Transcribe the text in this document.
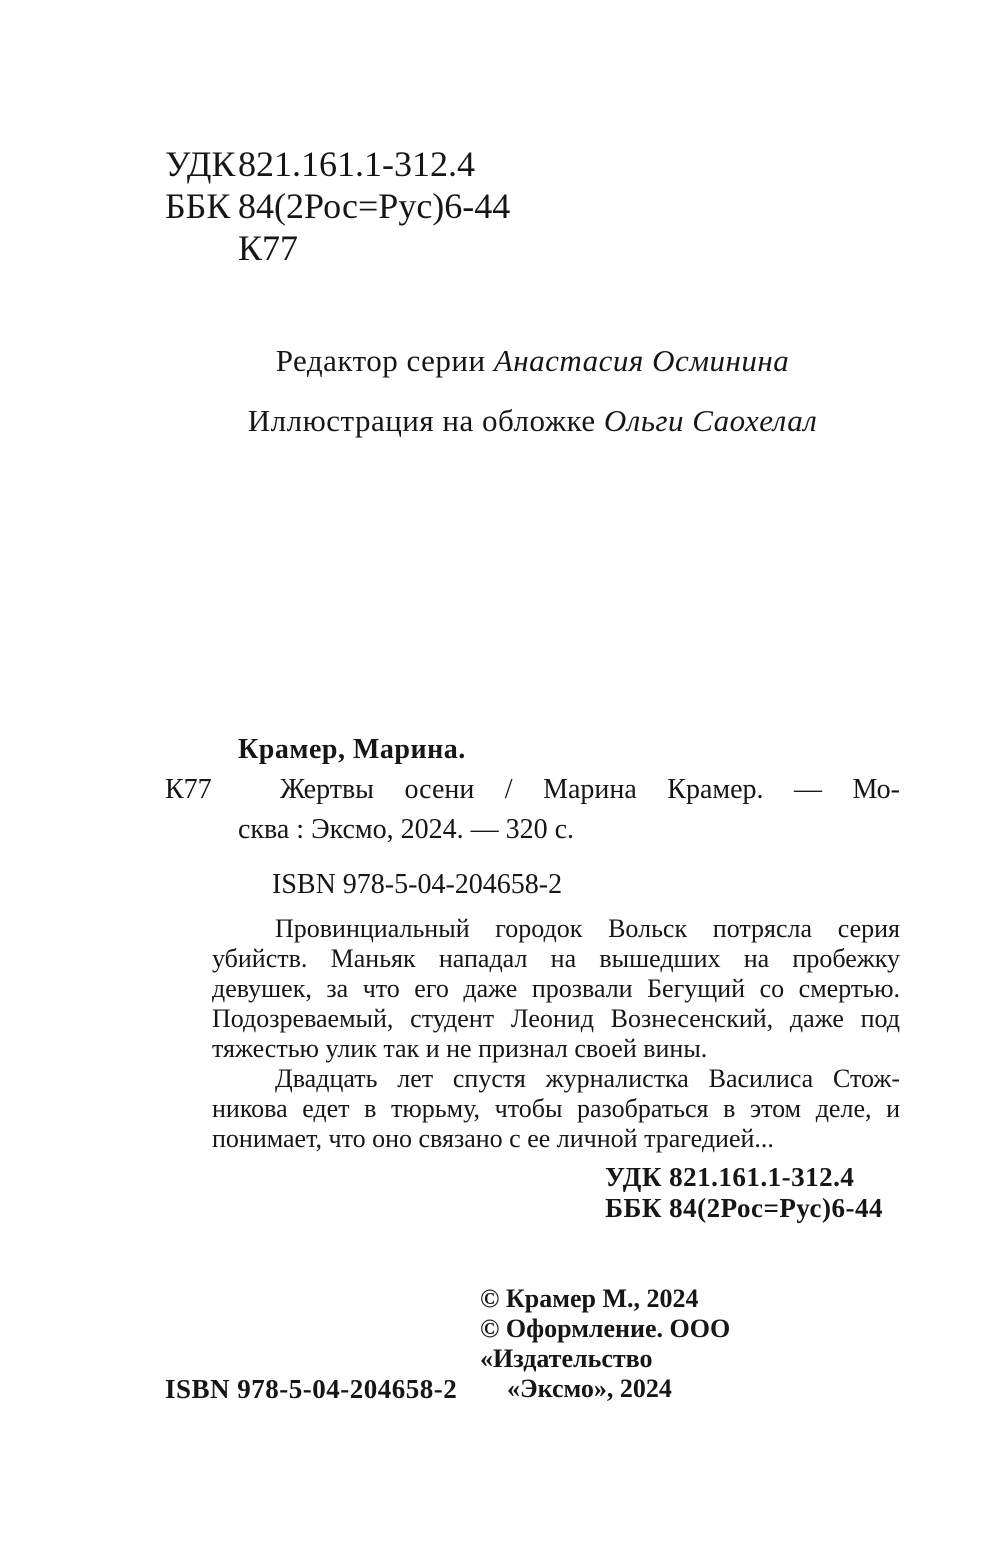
УДК 821.161.1-312.4
ББК 84(2Рос=Рус)6-44
К77
Редактор серии Анастасия Осминина
Иллюстрация на обложке Ольги Саохелал
Крамер, Марина.
К77	Жертвы осени / Марина Крамер. — Мо-
сква : Эксмо, 2024. — 320 с.
ISBN 978-5-04-204658-2
Провинциальный городок Вольск потрясла серия
убийств. Маньяк нападал на вышедших на пробежку
девушек, за что его даже прозвали Бегущий со смертью.
Подозреваемый, студент Леонид Вознесенский, даже под
тяжестью улик так и не признал своей вины.
Двадцать лет спустя журналистка Василиса Стож-
никова едет в тюрьму, чтобы разобраться в этом деле, и
понимает, что оно связано с ее личной трагедией...
УДК 821.161.1-312.4
ББК 84(2Рос=Рус)6-44
ISBN 978-5-04-204658-2
© Крамер М., 2024
© Оформление. ООО «Издательство
«Эксмо», 2024
